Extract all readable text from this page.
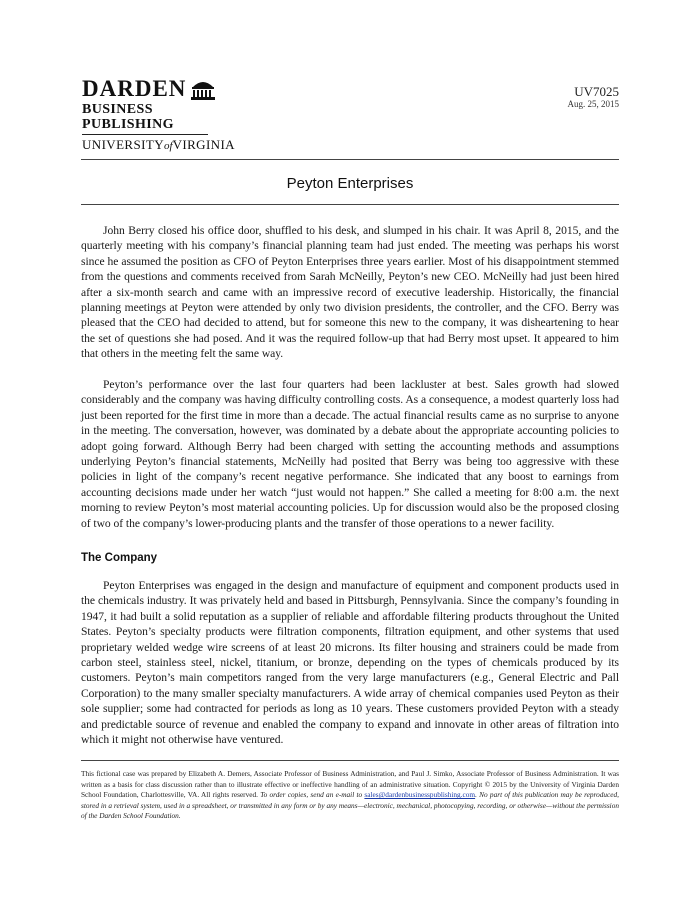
DARDEN
BUSINESS PUBLISHING
UNIVERSITYofVIRGINIA
UV7025
Aug. 25, 2015
Peyton Enterprises

John Berry closed his office door, shuffled to his desk, and slumped in his chair. It was April 8, 2015, and the quarterly meeting with his company’s financial planning team had just ended. The meeting was perhaps his worst since he assumed the position as CFO of Peyton Enterprises three years earlier. Most of his disappointment stemmed from the questions and comments received from Sarah McNeilly, Peyton’s new CEO. McNeilly had just been hired after a six-month search and came with an impressive record of executive leadership. Historically, the financial planning meetings at Peyton were attended by only two division presidents, the controller, and the CFO. Berry was pleased that the CEO had decided to attend, but for someone this new to the company, it was disheartening to hear the set of questions she had posed. And it was the required follow-up that had Berry most upset. It appeared to him that others in the meeting felt the same way.

Peyton’s performance over the last four quarters had been lackluster at best. Sales growth had slowed considerably and the company was having difficulty controlling costs. As a consequence, a modest quarterly loss had just been reported for the first time in more than a decade. The actual financial results came as no surprise to anyone in the meeting. The conversation, however, was dominated by a debate about the appropriate accounting policies to adopt going forward. Although Berry had been charged with setting the accounting methods and assumptions underlying Peyton’s financial statements, McNeilly had posited that Berry was being too aggressive with these policies in light of the company’s recent negative performance. She indicated that any boost to earnings from accounting decisions made under her watch “just would not happen.” She called a meeting for 8:00 a.m. the next morning to review Peyton’s most material accounting policies. Up for discussion would also be the proposed closing of two of the company’s lower-producing plants and the transfer of those operations to a newer facility.

The Company

Peyton Enterprises was engaged in the design and manufacture of equipment and component products used in the chemicals industry. It was privately held and based in Pittsburgh, Pennsylvania. Since the company’s founding in 1947, it had built a solid reputation as a supplier of reliable and affordable filtering products throughout the United States. Peyton’s specialty products were filtration components, filtration equipment, and other systems that used proprietary welded wedge wire screens of at least 20 microns. Its filter housing and strainers could be made from carbon steel, stainless steel, nickel, titanium, or bronze, depending on the types of chemicals produced by its customers. Peyton’s main competitors ranged from the very large manufacturers (e.g., General Electric and Pall Corporation) to the many smaller specialty manufacturers. A wide array of chemical companies used Peyton as their sole supplier; some had contracted for periods as long as 10 years. These customers provided Peyton with a steady and predictable source of revenue and enabled the company to expand and innovate in other areas of filtration into which it might not otherwise have ventured.

This fictional case was prepared by Elizabeth A. Demers, Associate Professor of Business Administration, and Paul J. Simko, Associate Professor of Business Administration. It was written as a basis for class discussion rather than to illustrate effective or ineffective handling of an administrative situation. Copyright © 2015 by the University of Virginia Darden School Foundation, Charlottesville, VA. All rights reserved. To order copies, send an e-mail to sales@dardenbusinesspublishing.com. No part of this publication may be reproduced, stored in a retrieval system, used in a spreadsheet, or transmitted in any form or by any means—electronic, mechanical, photocopying, recording, or otherwise—without the permission of the Darden School Foundation.
